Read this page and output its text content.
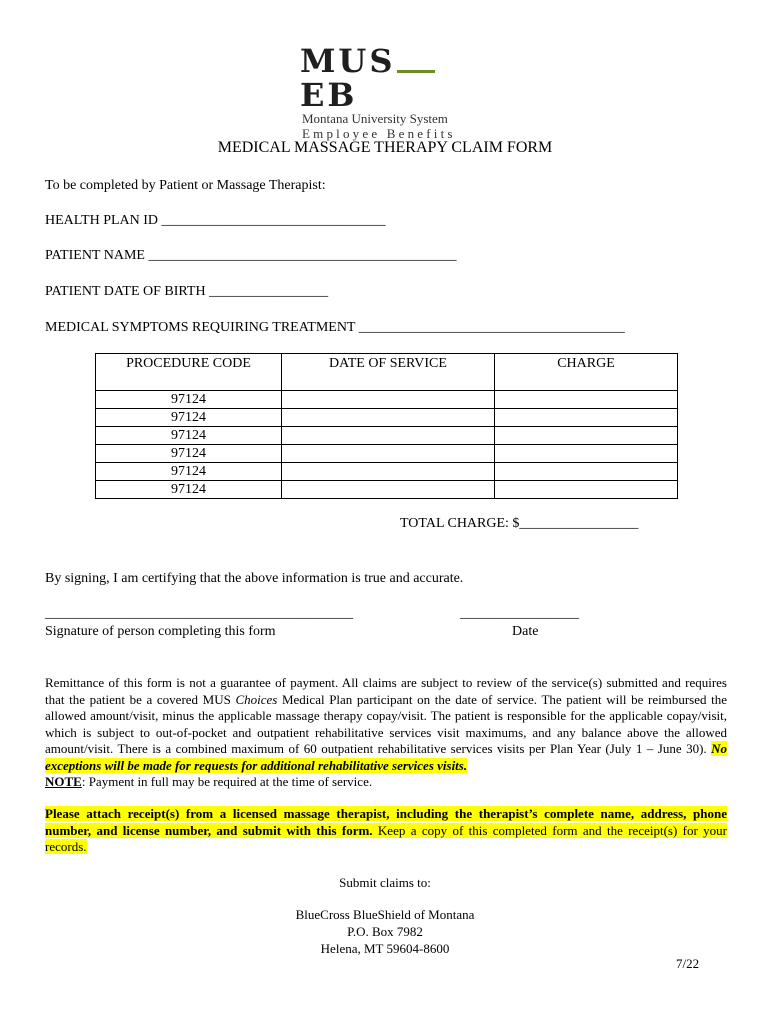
MUSEB
Montana University System
Employee Benefits
MEDICAL MASSAGE THERAPY CLAIM FORM
To be completed by Patient or Massage Therapist:
HEALTH PLAN ID ________________________________
PATIENT NAME ____________________________________________
PATIENT DATE OF BIRTH _________________
MEDICAL SYMPTOMS REQUIRING TREATMENT ______________________________________
PROCEDURE CODE	DATE OF SERVICE	CHARGE
97124		
97124		
97124		
97124		
97124		
97124		
TOTAL CHARGE: $_________________
By signing, I am certifying that the above information is true and accurate.
____________________________________________	_________________
Signature of person completing this form	Date
Remittance of this form is not a guarantee of payment. All claims are subject to review of the service(s) submitted and requires that the patient be a covered MUS Choices Medical Plan participant on the date of service. The patient will be reimbursed the allowed amount/visit, minus the applicable massage therapy copay/visit. The patient is responsible for the applicable copay/visit, which is subject to out-of-pocket and outpatient rehabilitative services visit maximums, and any balance above the allowed amount/visit. There is a combined maximum of 60 outpatient rehabilitative services visits per Plan Year (July 1 – June 30). No exceptions will be made for requests for additional rehabilitative services visits.
NOTE: Payment in full may be required at the time of service.
Please attach receipt(s) from a licensed massage therapist, including the therapist’s complete name, address, phone number, and license number, and submit with this form. Keep a copy of this completed form and the receipt(s) for your records.
Submit claims to:
BlueCross BlueShield of Montana
P.O. Box 7982
Helena, MT 59604-8600
7/22
